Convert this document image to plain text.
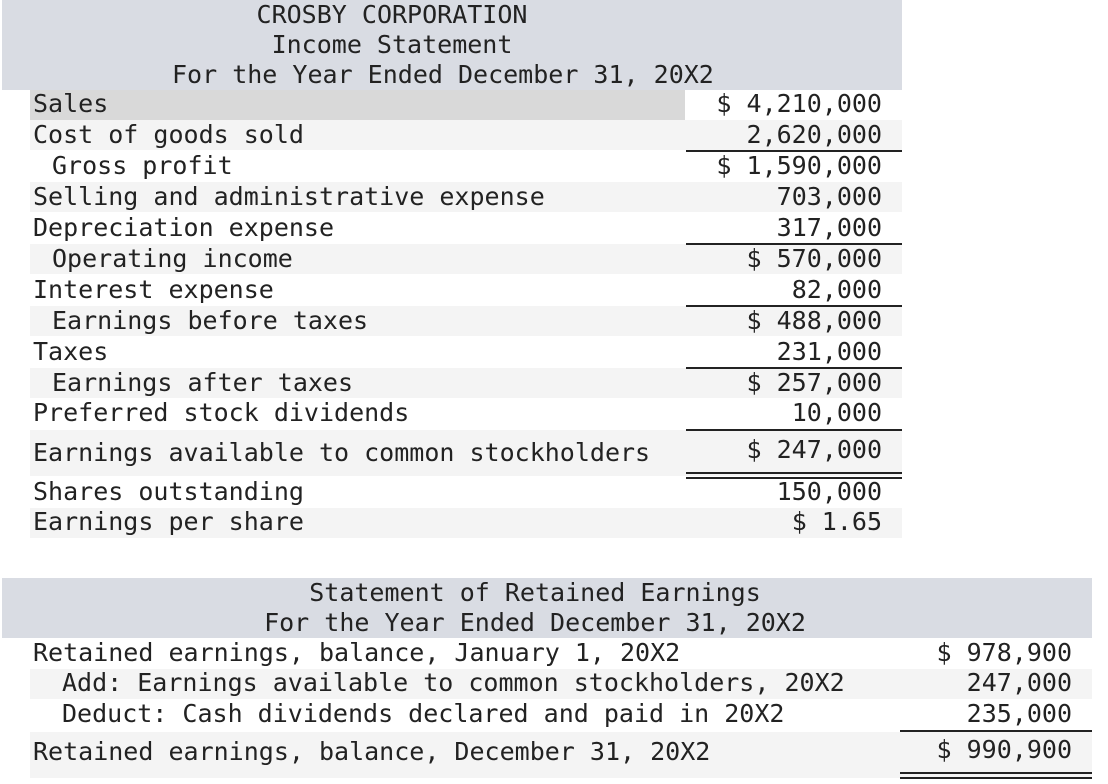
CROSBY CORPORATION
Income Statement
For the Year Ended December 31, 20X2
Sales	$ 4,210,000
Cost of goods sold	2,620,000
Gross profit	$ 1,590,000
Selling and administrative expense	703,000
Depreciation expense	317,000
Operating income	$ 570,000
Interest expense	82,000
Earnings before taxes	$ 488,000
Taxes	231,000
Earnings after taxes	$ 257,000
Preferred stock dividends	10,000
Earnings available to common stockholders	$ 247,000
Shares outstanding	150,000
Earnings per share	$ 1.65
Statement of Retained Earnings
For the Year Ended December 31, 20X2
Retained earnings, balance, January 1, 20X2	$ 978,900
Add: Earnings available to common stockholders, 20X2	247,000
Deduct: Cash dividends declared and paid in 20X2	235,000
Retained earnings, balance, December 31, 20X2	$ 990,900
